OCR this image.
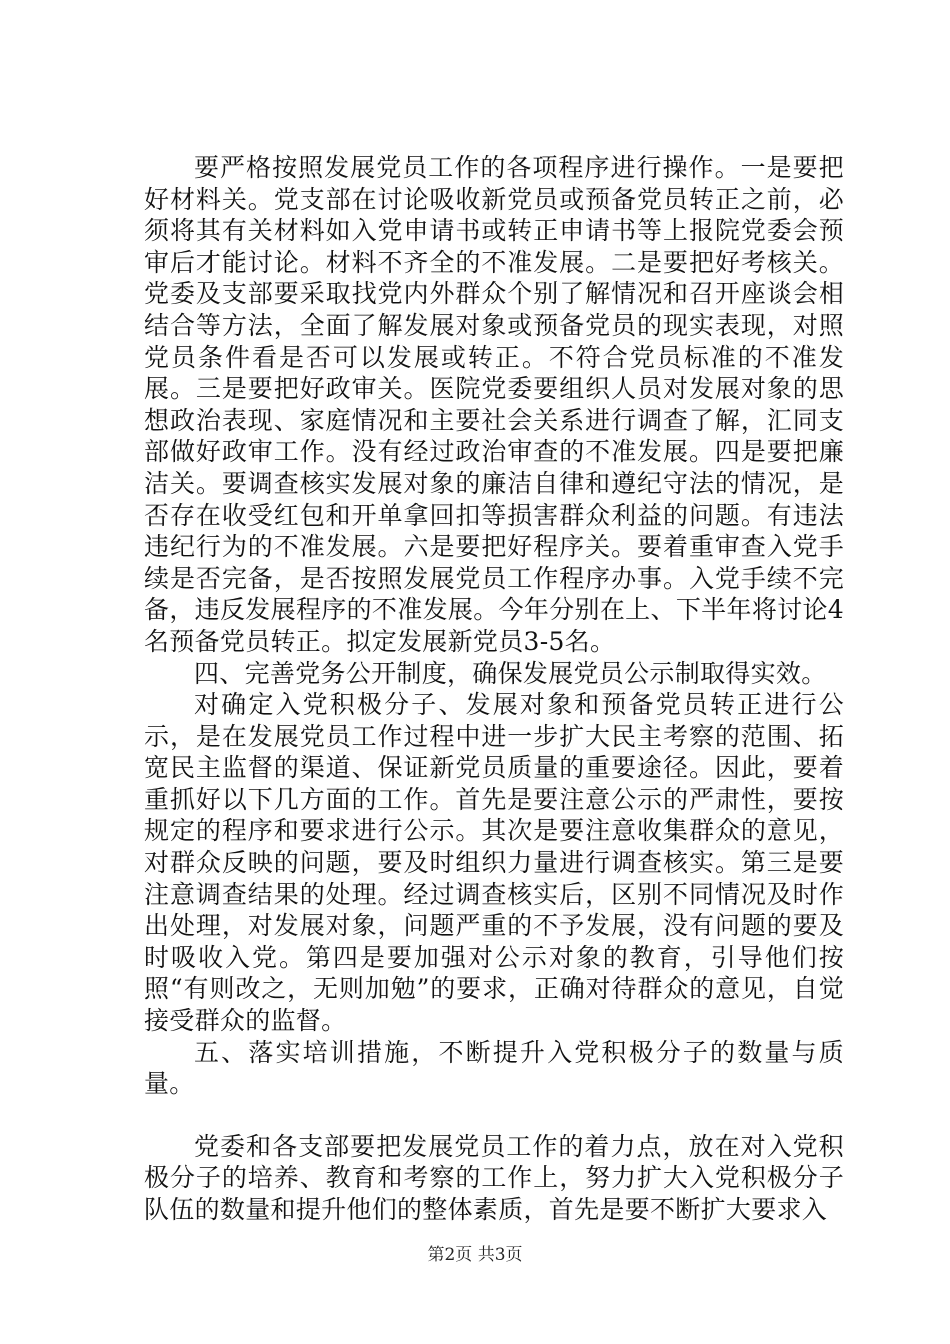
要严格按照发展党员工作的各项程序进行操作。一是要把好材料关。党支部在讨论吸收新党员或预备党员转正之前，必须将其有关材料如入党申请书或转正申请书等上报院党委会预审后才能讨论。材料不齐全的不准发展。二是要把好考核关。党委及支部要采取找党内外群众个别了解情况和召开座谈会相结合等方法，全面了解发展对象或预备党员的现实表现，对照党员条件看是否可以发展或转正。不符合党员标准的不准发展。三是要把好政审关。医院党委要组织人员对发展对象的思想政治表现、家庭情况和主要社会关系进行调查了解，汇同支部做好政审工作。没有经过政治审查的不准发展。四是要把廉洁关。要调查核实发展对象的廉洁自律和遵纪守法的情况，是否存在收受红包和开单拿回扣等损害群众利益的问题。有违法违纪行为的不准发展。六是要把好程序关。要着重审查入党手续是否完备，是否按照发展党员工作程序办事。入党手续不完备，违反发展程序的不准发展。今年分别在上、下半年将讨论4名预备党员转正。拟定发展新党员3-5名。

四、完善党务公开制度，确保发展党员公示制取得实效。

对确定入党积极分子、发展对象和预备党员转正进行公示，是在发展党员工作过程中进一步扩大民主考察的范围、拓宽民主监督的渠道、保证新党员质量的重要途径。因此，要着重抓好以下几方面的工作。首先是要注意公示的严肃性，要按规定的程序和要求进行公示。其次是要注意收集群众的意见，对群众反映的问题，要及时组织力量进行调查核实。第三是要注意调查结果的处理。经过调查核实后，区别不同情况及时作出处理，对发展对象，问题严重的不予发展，没有问题的要及时吸收入党。第四是要加强对公示对象的教育，引导他们按照“有则改之，无则加勉”的要求，正确对待群众的意见，自觉接受群众的监督。

五、落实培训措施，不断提升入党积极分子的数量与质量。

党委和各支部要把发展党员工作的着力点，放在对入党积极分子的培养、教育和考察的工作上，努力扩大入党积极分子队伍的数量和提升他们的整体素质，首先是要不断扩大要求入

第2页 共3页
